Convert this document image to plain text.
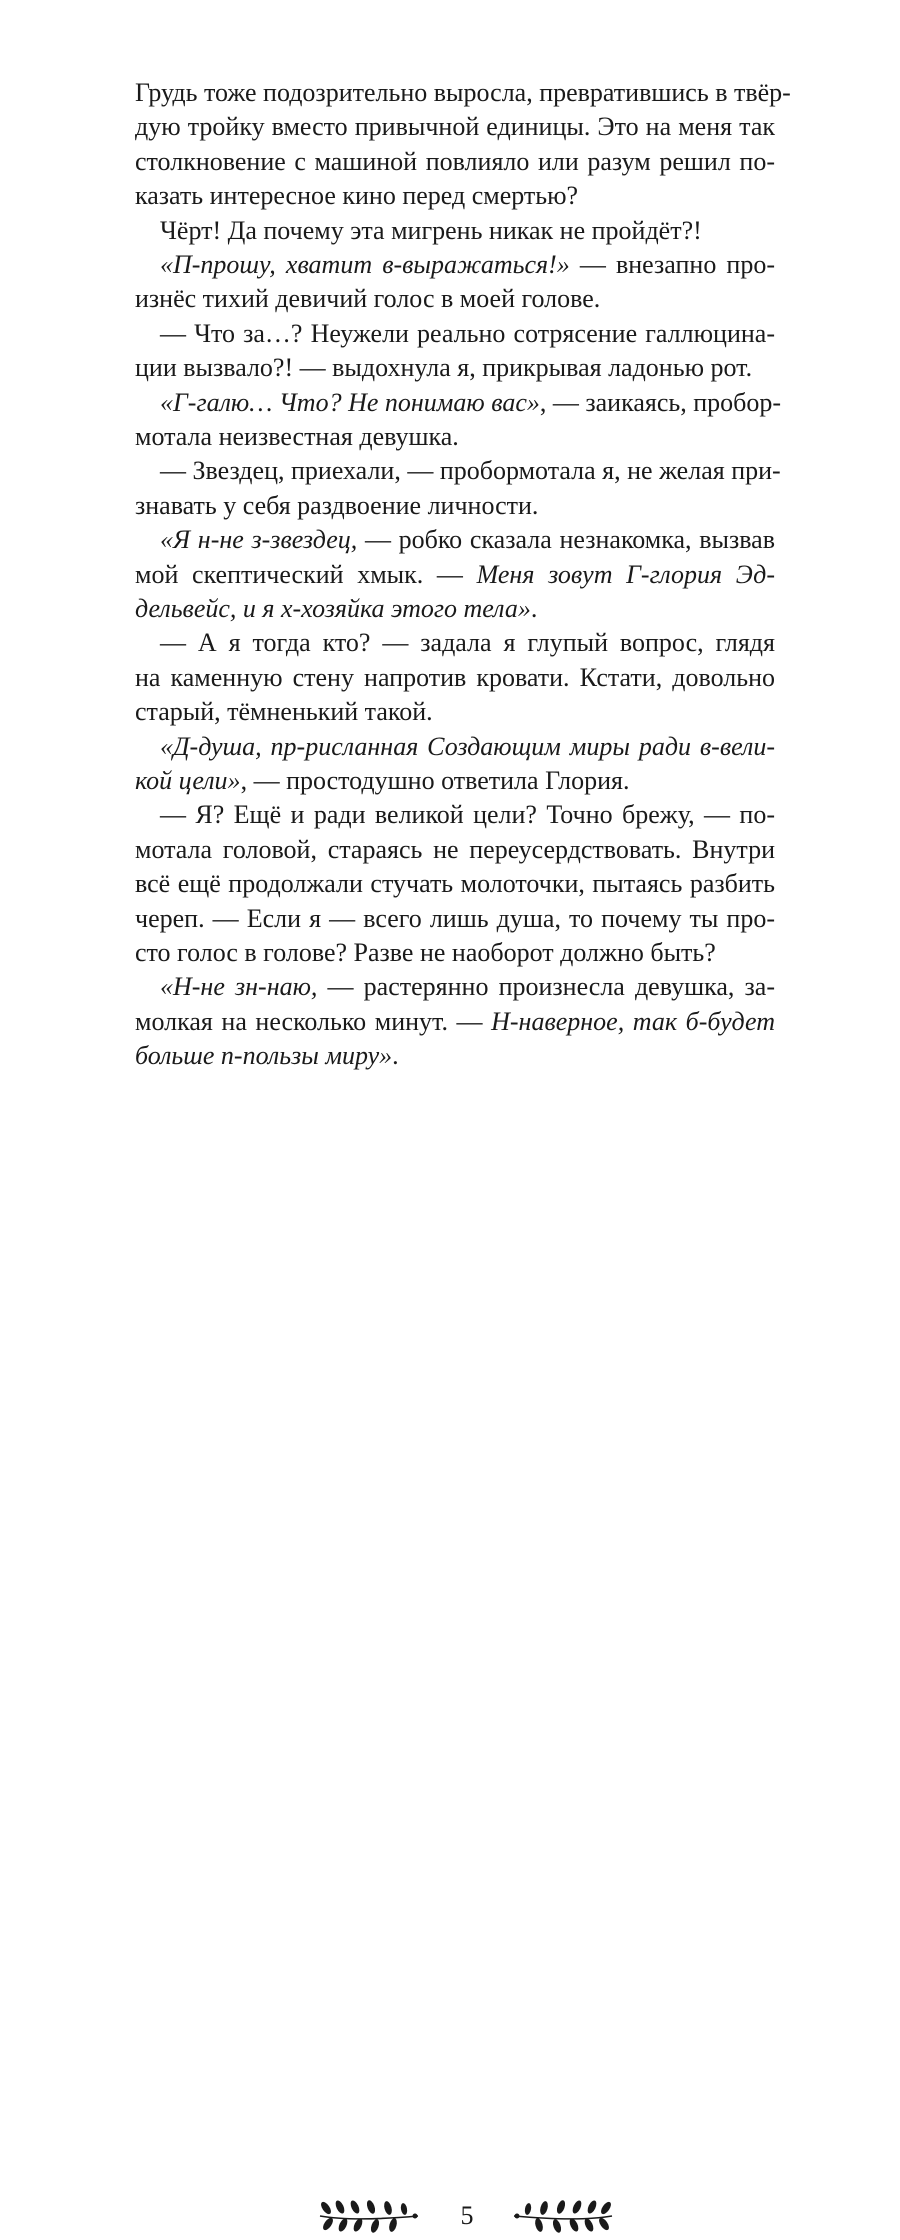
Грудь тоже подозрительно выросла, превратившись в твёр-
дую тройку вместо привычной единицы. Это на меня так
столкновение с машиной повлияло или разум решил по-
казать интересное кино перед смертью?
Чёрт! Да почему эта мигрень никак не пройдёт?!
«П-прошу, хватит в-выражаться!» — внезапно про-
изнёс тихий девичий голос в моей голове.
— Что за…? Неужели реально сотрясение галлюцина-
ции вызвало?! — выдохнула я, прикрывая ладонью рот.
«Г-галю… Что? Не понимаю вас», — заикаясь, пробор-
мотала неизвестная девушка.
— Звездец, приехали, — пробормотала я, не желая при-
знавать у себя раздвоение личности.
«Я н-не з-звездец, — робко сказала незнакомка, вызвав
мой скептический хмык. — Меня зовут Г-глория Эд-
дельвейс, и я х-хозяйка этого тела».
— А я тогда кто? — задала я глупый вопрос, глядя
на каменную стену напротив кровати. Кстати, довольно
старый, тёмненький такой.
«Д-душа, пр-рисланная Создающим миры ради в-вели-
кой цели», — простодушно ответила Глория.
— Я? Ещё и ради великой цели? Точно брежу, — по-
мотала головой, стараясь не переусердствовать. Внутри
всё ещё продолжали стучать молоточки, пытаясь разбить
череп. — Если я — всего лишь душа, то почему ты про-
сто голос в голове? Разве не наоборот должно быть?
«Н-не зн-наю, — растерянно произнесла девушка, за-
молкая на несколько минут. — Н-наверное, так б-будет
больше п-пользы миру».
5
